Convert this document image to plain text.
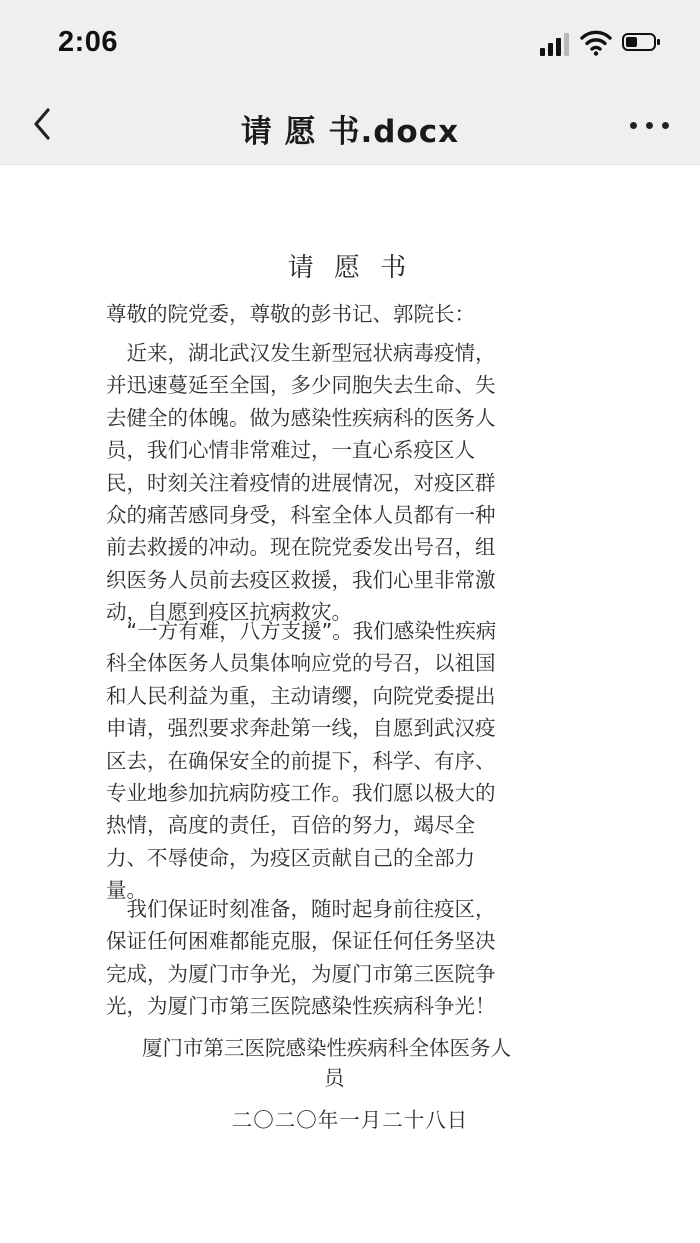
2:06
请 愿 书.docx
请 愿 书
尊敬的院党委，尊敬的彭书记、郭院长：

　近来，湖北武汉发生新型冠状病毒疫情，
并迅速蔓延至全国，多少同胞失去生命、失
去健全的体魄。做为感染性疾病科的医务人
员，我们心情非常难过，一直心系疫区人
民，时刻关注着疫情的进展情况，对疫区群
众的痛苦感同身受，科室全体人员都有一种
前去救援的冲动。现在院党委发出号召，组
织医务人员前去疫区救援，我们心里非常激
动，自愿到疫区抗病救灾。

　“一方有难，八方支援”。我们感染性疾病
科全体医务人员集体响应党的号召，以祖国
和人民利益为重，主动请缨，向院党委提出
申请，强烈要求奔赴第一线，自愿到武汉疫
区去，在确保安全的前提下，科学、有序、
专业地参加抗病防疫工作。我们愿以极大的
热情，高度的责任，百倍的努力，竭尽全
力、不辱使命，为疫区贡献自己的全部力
量。

　我们保证时刻准备，随时起身前往疫区，
保证任何困难都能克服，保证任何任务坚决
完成，为厦门市争光，为厦门市第三医院争
光，为厦门市第三医院感染性疾病科争光！

厦门市第三医院感染性疾病科全体医务人
员
二〇二〇年一月二十八日
